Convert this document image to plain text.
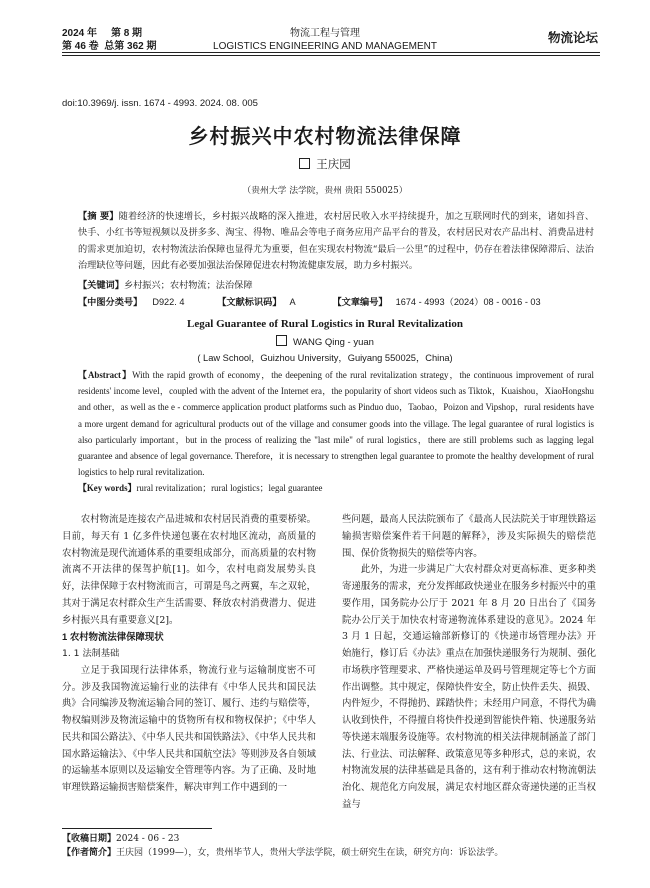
2024 年 第 8 期
第 46 卷 总第 362 期
物流工程与管理
LOGISTICS ENGINEERING AND MANAGEMENT
物流论坛
doi:10.3969/j. issn. 1674 - 4993. 2024. 08. 005
乡村振兴中农村物流法律保障
王庆园
（贵州大学 法学院，贵州 贵阳 550025）
【摘 要】随着经济的快速增长，乡村振兴战略的深入推进，农村居民收入水平持续提升，加之互联网时代的到来，诸如抖音、快手、小红书等短视频以及拼多多、淘宝、得物、唯品会等电子商务应用产品平台的普及，农村居民对农产品出村、消费品进村的需求更加迫切，农村物流法治保障也显得尤为重要，但在实现农村物流“最后一公里”的过程中，仍存在着法律保障滞后、法治治理缺位等问题，因此有必要加强法治保障促进农村物流健康发展，助力乡村振兴。
【关键词】乡村振兴；农村物流；法治保障
【中图分类号】 D922. 4	【文献标识码】 A	【文章编号】 1674 - 4993（2024）08 - 0016 - 03
Legal Guarantee of Rural Logistics in Rural Revitalization
WANG Qing - yuan
( Law School，Guizhou University，Guiyang 550025，China)
【Abstract】With the rapid growth of economy，the deepening of the rural revitalization strategy，the continuous improvement of rural residents' income level，coupled with the advent of the Internet era，the popularity of short videos such as Tiktok，Kuaishou，XiaoHongshu and other，as well as the e - commerce application product platforms such as Pinduo duo，Taobao，Poizon and Vipshop，rural residents have a more urgent demand for agricultural products out of the village and consumer goods into the village. The legal guarantee of rural logistics is also particularly important，but in the process of realizing the "last mile" of rural logistics，there are still problems such as lagging legal guarantee and absence of legal governance. Therefore，it is necessary to strengthen legal guarantee to promote the healthy development of rural logistics to help rural revitalization.
【Key words】rural revitalization；rural logistics；legal guarantee

农村物流是连接农产品进城和农村居民消费的重要桥梁。目前，每天有 1 亿多件快递包裹在农村地区流动，高质量的农村物流是现代流通体系的重要组成部分，而高质量的农村物流离不开法律的保驾护航[1]。如今，农村电商发展势头良好，法律保障于农村物流而言，可谓是鸟之两翼，车之双轮，其对于满足农村群众生产生活需要、释放农村消费潜力、促进乡村振兴具有重要意义[2]。

1 农村物流法律保障现状

1. 1 法制基础

立足于我国现行法律体系，物流行业与运输制度密不可分。涉及我国物流运输行业的法律有《中华人民共和国民法典》合同编涉及物流运输合同的签订、履行、违约与赔偿等，物权编则涉及物流运输中的货物所有权和物权保护；《中华人民共和国公路法》、《中华人民共和国铁路法》、《中华人民共和国水路运输法》、《中华人民共和国航空法》等则涉及各自领域的运输基本原则以及运输安全管理等内容。为了正确、及时地审理铁路运输损害赔偿案件，解决审判工作中遇到的一

些问题，最高人民法院颁布了《最高人民法院关于审理铁路运输损害赔偿案件若干问题的解释》，涉及实际损失的赔偿范围、保价货物损失的赔偿等内容。

此外，为进一步满足广大农村群众对更高标准、更多种类寄递服务的需求，充分发挥邮政快递业在服务乡村振兴中的重要作用，国务院办公厅于 2021 年 8 月 20 日出台了《国务院办公厅关于加快农村寄递物流体系建设的意见》。2024 年 3 月 1 日起，交通运输部新修订的《快递市场管理办法》开始施行，修订后《办法》重点在加强快递服务行为规制、强化市场秩序管理要求、严格快递运单及码号管理规定等七个方面作出调整。其中规定，保障快件安全，防止快件丢失、损毁、内件短少，不得抛扔、踩踏快件；未经用户同意，不得代为确认收到快件，不得擅自将快件投递到智能快件箱、快递服务站等快递末端服务设施等。农村物流的相关法律规制涵盖了部门法、行业法、司法解释、政策意见等多种形式，总的来说，农村物流发展的法律基础是具备的，这有利于推动农村物流朝法治化、规范化方向发展，满足农村地区群众寄递快递的正当权益与

【收稿日期】2024 - 06 - 23
【作者简介】王庆园（1999—），女，贵州毕节人，贵州大学法学院，硕士研究生在读，研究方向：诉讼法学。
